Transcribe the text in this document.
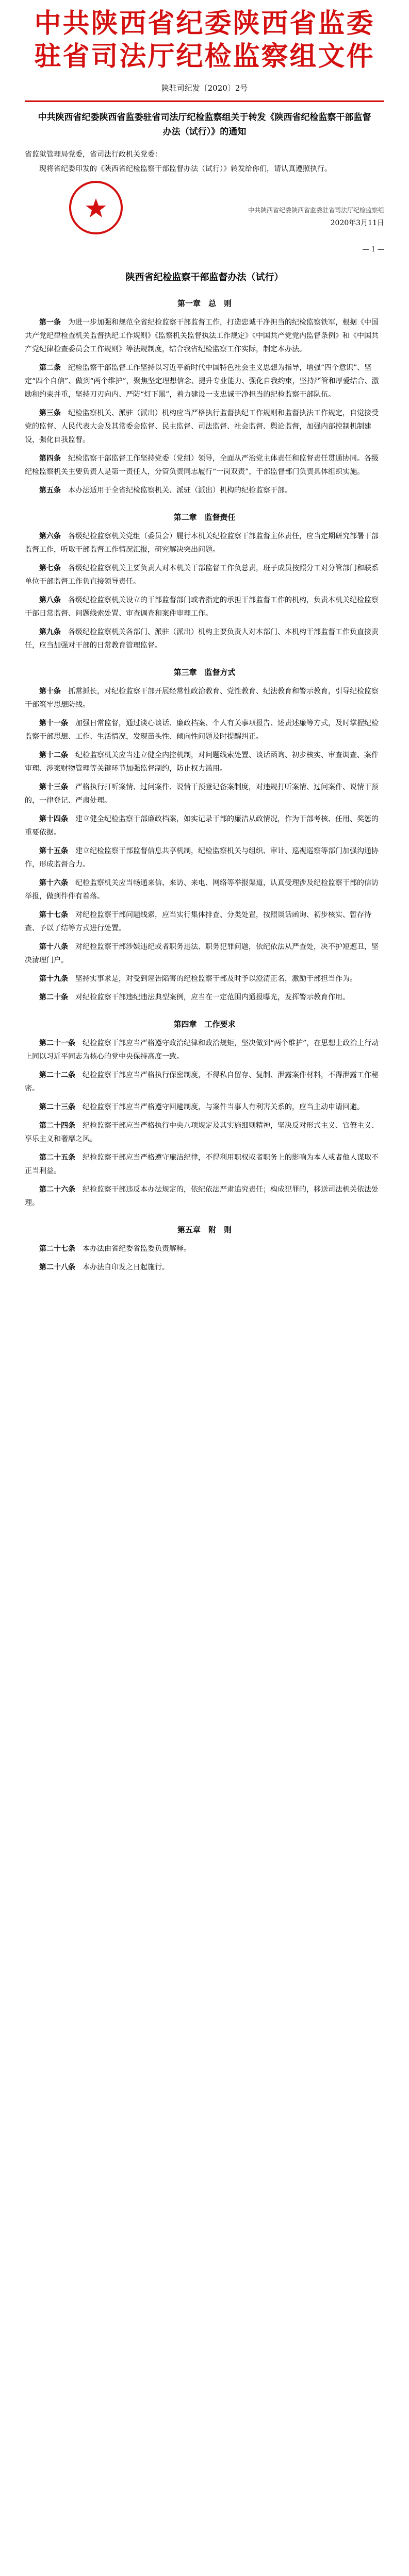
中共陕西省纪委陕西省监委
驻省司法厅纪检监察组文件
陕驻司纪发〔2020〕2号
中共陕西省纪委陕西省监委驻省司法厅纪检监察组关于转发《陕西省纪检监察干部监督办法（试行）》的通知
省监狱管理局党委，省司法行政机关党委：

现将省纪委印发的《陕西省纪检监察干部监督办法（试行）》转发给你们，请认真遵照执行。

中共陕西省纪委陕西省监委驻省司法厅纪检监察组
2020年3月11日
— 1 —
陕西省纪检监察干部监督办法（试行）
第一章　总　则

第一条　 为进一步加强和规范全省纪检监察干部监督工作，打造忠诚干净担当的纪检监察铁军，根据《中国共产党纪律检查机关监督执纪工作规则》《监察机关监督执法工作规定》《中国共产党党内监督条例》和《中国共产党纪律检查委员会工作规则》等法规制度，结合我省纪检监察工作实际，制定本办法。

第二条　 纪检监察干部监督工作坚持以习近平新时代中国特色社会主义思想为指导，增强“四个意识”、坚定“四个自信”、做到“两个维护”，聚焦坚定理想信念、提升专业能力、强化自我约束，坚持严管和厚爱结合、激励和约束并重，坚持刀刃向内、严防“灯下黑”，着力建设一支忠诚干净担当的纪检监察干部队伍。

第三条　 纪检监察机关、派驻（派出）机构应当严格执行监督执纪工作规则和监督执法工作规定，自觉接受党的监督、人民代表大会及其常委会监督、民主监督、司法监督、社会监督、舆论监督，加强内部控制机制建设，强化自我监督。

第四条　 纪检监察干部监督工作坚持党委（党组）领导，全面从严治党主体责任和监督责任贯通协同。各级纪检监察机关主要负责人是第一责任人，分管负责同志履行“一岗双责”，干部监督部门负责具体组织实施。

第五条　 本办法适用于全省纪检监察机关、派驻（派出）机构的纪检监察干部。

第二章　监督责任

第六条　 各级纪检监察机关党组（委员会）履行本机关纪检监察干部监督主体责任，应当定期研究部署干部监督工作，听取干部监督工作情况汇报，研究解决突出问题。

第七条　 各级纪检监察机关主要负责人对本机关干部监督工作负总责，班子成员按照分工对分管部门和联系单位干部监督工作负直接领导责任。

第八条　 各级纪检监察机关设立的干部监督部门或者指定的承担干部监督工作的机构，负责本机关纪检监察干部日常监督、问题线索处置、审查调查和案件审理工作。

第九条　 各级纪检监察机关各部门、派驻（派出）机构主要负责人对本部门、本机构干部监督工作负直接责任，应当加强对干部的日常教育管理监督。

第三章　监督方式

第十条　 抓常抓长，对纪检监察干部开展经常性政治教育、党性教育、纪法教育和警示教育，引导纪检监察干部筑牢思想防线。

第十一条　 加强日常监督，通过谈心谈话、廉政档案、个人有关事项报告、述责述廉等方式，及时掌握纪检监察干部思想、工作、生活情况，发现苗头性、倾向性问题及时提醒纠正。

第十二条　 纪检监察机关应当建立健全内控机制，对问题线索处置、谈话函询、初步核实、审查调查、案件审理、涉案财物管理等关键环节加强监督制约，防止权力滥用。

第十三条　 严格执行打听案情、过问案件、说情干预登记备案制度，对违规打听案情、过问案件、说情干预的，一律登记、严肃处理。

第十四条　 建立健全纪检监察干部廉政档案，如实记录干部的廉洁从政情况，作为干部考核、任用、奖惩的重要依据。

第十五条　 建立纪检监察干部监督信息共享机制，纪检监察机关与组织、审计、巡视巡察等部门加强沟通协作，形成监督合力。

第十六条　 纪检监察机关应当畅通来信、来访、来电、网络等举报渠道，认真受理涉及纪检监察干部的信访举报，做到件件有着落。

第十七条　 对纪检监察干部问题线索，应当实行集体排查、分类处置，按照谈话函询、初步核实、暂存待查、予以了结等方式进行处置。

第十八条　 对纪检监察干部涉嫌违纪或者职务违法、职务犯罪问题，依纪依法从严查处，决不护短遮丑，坚决清理门户。

第十九条　 坚持实事求是，对受到诬告陷害的纪检监察干部及时予以澄清正名，激励干部担当作为。

第二十条　 对纪检监察干部违纪违法典型案例，应当在一定范围内通报曝光，发挥警示教育作用。

第四章　工作要求

第二十一条　 纪检监察干部应当严格遵守政治纪律和政治规矩，坚决做到“两个维护”，在思想上政治上行动上同以习近平同志为核心的党中央保持高度一致。

第二十二条　 纪检监察干部应当严格执行保密制度，不得私自留存、复制、泄露案件材料，不得泄露工作秘密。

第二十三条　 纪检监察干部应当严格遵守回避制度，与案件当事人有利害关系的，应当主动申请回避。

第二十四条　 纪检监察干部应当严格执行中央八项规定及其实施细则精神，坚决反对形式主义、官僚主义、享乐主义和奢靡之风。

第二十五条　 纪检监察干部应当严格遵守廉洁纪律，不得利用职权或者职务上的影响为本人或者他人谋取不正当利益。

第二十六条　 纪检监察干部违反本办法规定的，依纪依法严肃追究责任；构成犯罪的，移送司法机关依法处理。

第五章　附　则

第二十七条　 本办法由省纪委省监委负责解释。

第二十八条　 本办法自印发之日起施行。
